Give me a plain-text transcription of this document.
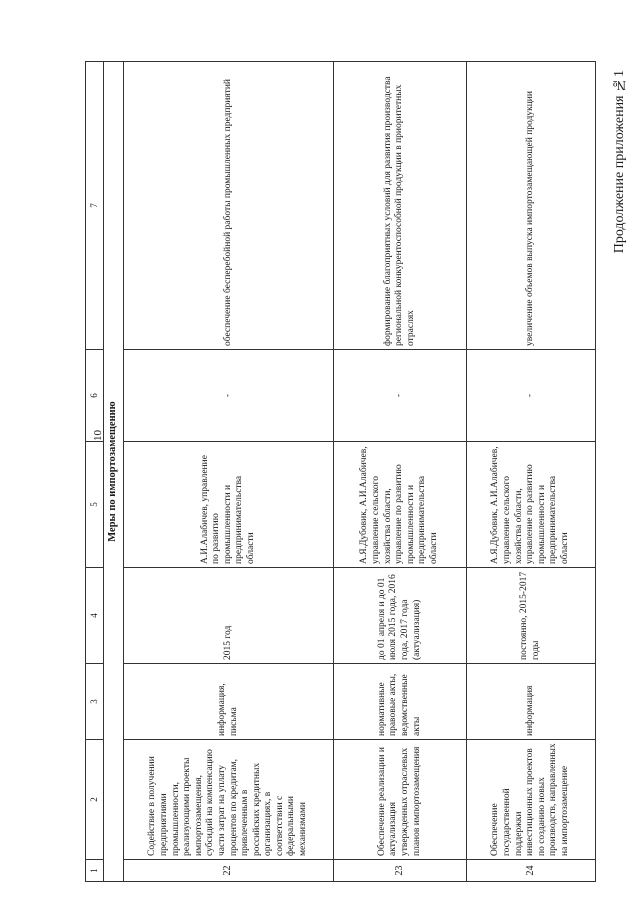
Продолжение приложения №1
10
1	2	3	4	5	6	7
Меры по импортозамещению						
22	Содействие в получении предприятиями промышленности, реализующими проекты импортозамещения, субсидий на компенсацию части затрат на уплату процентов по кредитам, привлеченным в российских кредитных организациях, в соответствии с федеральными механизмами	информация, письма	2015 год	А.И.Алабичев, управление по развитию промышленности и предпринимательства области	-	обеспечение бесперебойной работы промышленных предприятий
23	Обеспечение реализации и актуализация утвержденных отраслевых планов импортозамещения	нормативные правовые акты, ведомственные акты	до 01 апреля и до 01 июля 2015 года, 2016 года, 2017 года (актуализация)	А.Я.Дубовик, А.И.Алабичев, управление сельского хозяйства области, управление по развитию промышленности и предпринимательства области	-	формирование благоприятных условий для развития производства региональной конкурентоспособной продукции в приоритетных отраслях
24	Обеспечение государственной поддержки инвестиционных проектов по созданию новых производств, направленных на импортозамещение	информация	постоянно, 2015-2017 годы	А.Я.Дубовик, А.И.Алабичев, управление сельского хозяйства области, управление по развитию промышленности и предпринимательства области	-	увеличение объемов выпуска импортозамещающей продукции
